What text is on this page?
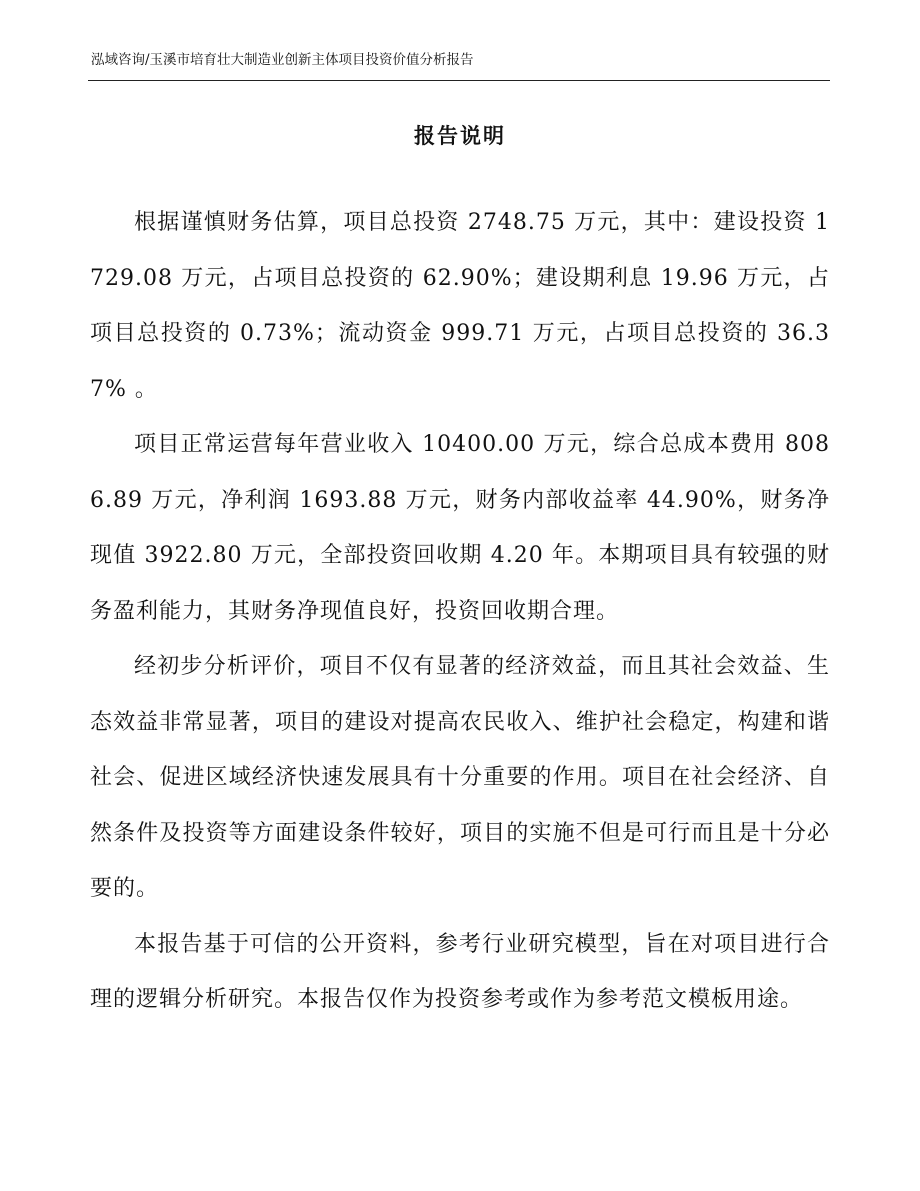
泓域咨询/玉溪市培育壮大制造业创新主体项目投资价值分析报告
报告说明

根据谨慎财务估算，项目总投资 2748.75 万元，其中：建设投资 1729.08 万元，占项目总投资的 62.90%；建设期利息 19.96 万元，占项目总投资的 0.73%；流动资金 999.71 万元，占项目总投资的 36.37% 。

项目正常运营每年营业收入 10400.00 万元，综合总成本费用 8086.89 万元，净利润 1693.88 万元，财务内部收益率 44.90%，财务净现值 3922.80 万元，全部投资回收期 4.20 年。本期项目具有较强的财务盈利能力，其财务净现值良好，投资回收期合理。

经初步分析评价，项目不仅有显著的经济效益，而且其社会效益、生态效益非常显著，项目的建设对提高农民收入、维护社会稳定，构建和谐社会、促进区域经济快速发展具有十分重要的作用。项目在社会经济、自然条件及投资等方面建设条件较好，项目的实施不但是可行而且是十分必要的。

本报告基于可信的公开资料，参考行业研究模型，旨在对项目进行合理的逻辑分析研究。本报告仅作为投资参考或作为参考范文模板用途。
